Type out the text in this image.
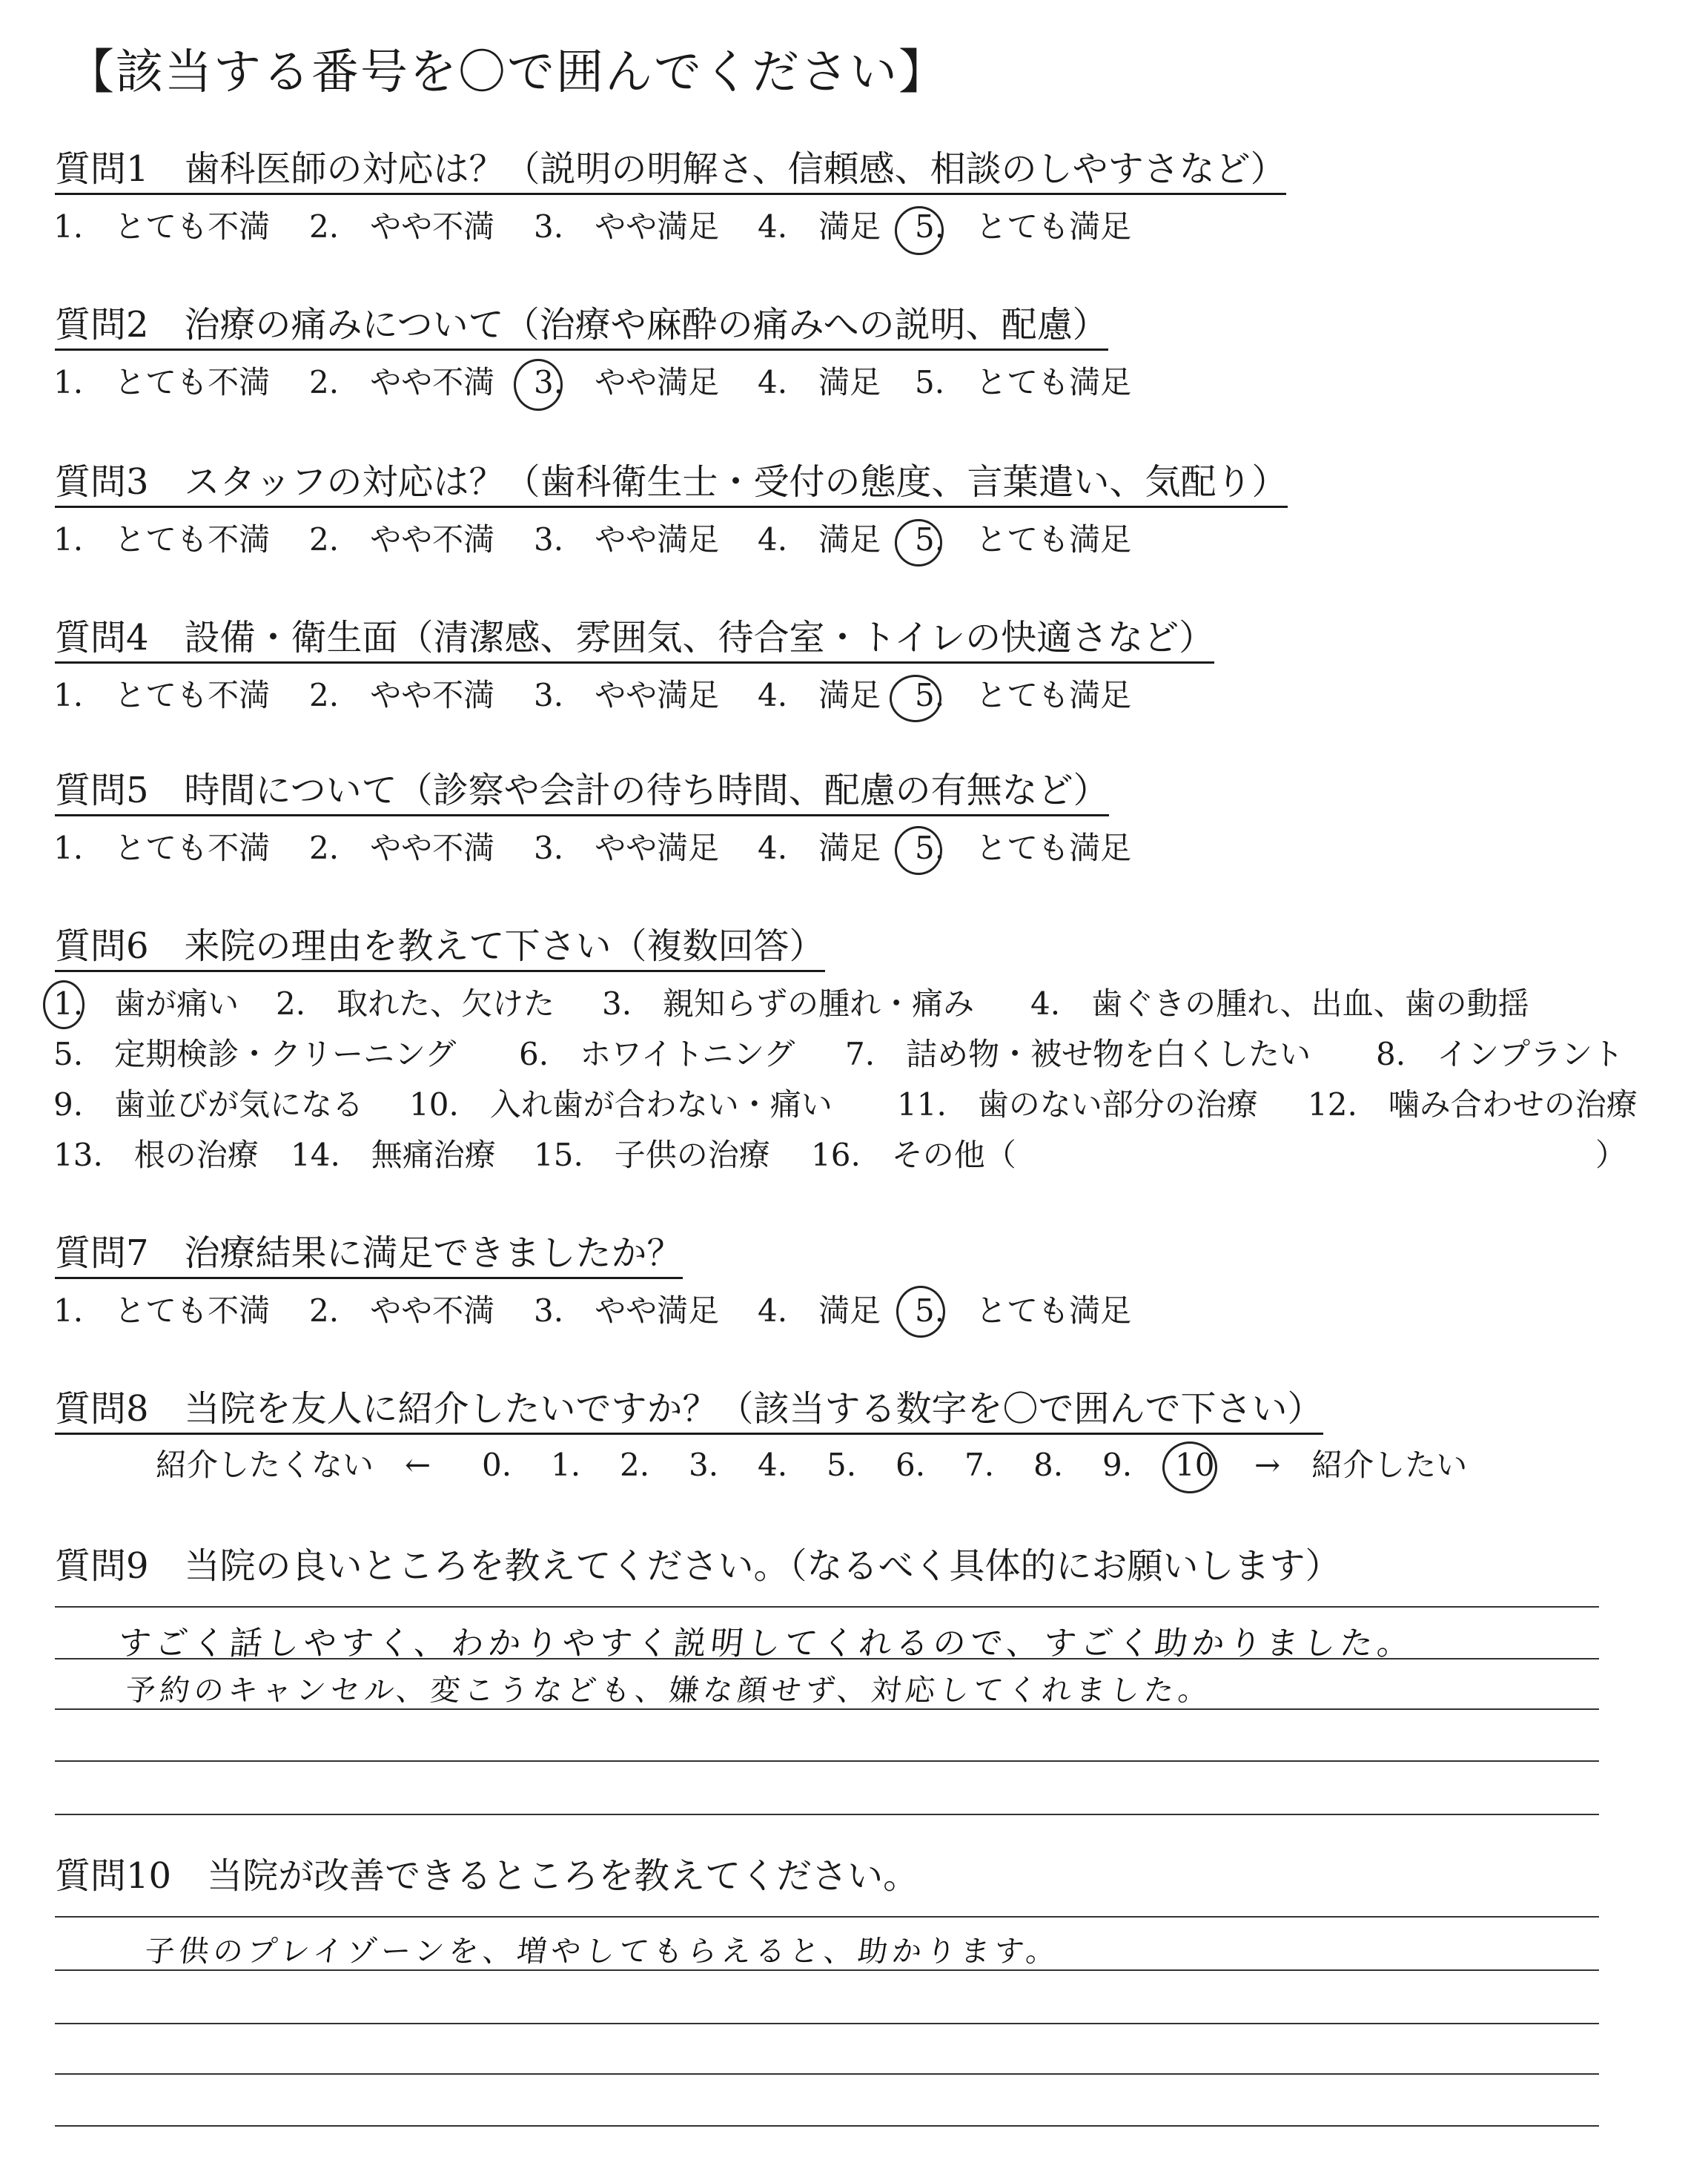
【該当する番号を〇で囲んでください】
質問1　歯科医師の対応は？（説明の明解さ、信頼感、相談のしやすさなど）
1.　とても不満 2.　やや不満 3.　やや満足 4.　満足 5.　とても満足
質問2　治療の痛みについて（治療や麻酔の痛みへの説明、配慮）
1.　とても不満 2.　やや不満 3.　やや満足 4.　満足 5.　とても満足
質問3　スタッフの対応は？（歯科衛生士・受付の態度、言葉遣い、気配り）
1.　とても不満 2.　やや不満 3.　やや満足 4.　満足 5.　とても満足
質問4　設備・衛生面（清潔感、雰囲気、待合室・トイレの快適さなど）
1.　とても不満 2.　やや不満 3.　やや満足 4.　満足 5.　とても満足
質問5　時間について（診察や会計の待ち時間、配慮の有無など）
1.　とても不満 2.　やや不満 3.　やや満足 4.　満足 5.　とても満足
質問6　来院の理由を教えて下さい（複数回答）
1.　歯が痛い 2.　取れた、欠けた 3.　親知らずの腫れ・痛み 4.　歯ぐきの腫れ、出血、歯の動揺
5.　定期検診・クリーニング 6.　ホワイトニング 7.　詰め物・被せ物を白くしたい 8.　インプラント
9.　歯並びが気になる 10.　入れ歯が合わない・痛い 11.　歯のない部分の治療 12.　噛み合わせの治療
13.　根の治療 14.　無痛治療 15.　子供の治療 16.　その他（	）
質問7　治療結果に満足できましたか？
1.　とても不満 2.　やや不満 3.　やや満足 4.　満足 5.　とても満足
質問8　当院を友人に紹介したいですか？（該当する数字を〇で囲んで下さい）
紹介したくない　← 0. 1. 2. 3. 4. 5. 6. 7. 8. 9. 10 →　紹介したい
質問9　当院の良いところを教えてください。（なるべく具体的にお願いします）
すごく話しやすく、わかりやすく説明してくれるので、すごく助かりました。
予約のキャンセル、変こうなども、嫌な顔せず、対応してくれました。
質問10　当院が改善できるところを教えてください。
子供のプレイゾーンを、増やしてもらえると、助かります。
